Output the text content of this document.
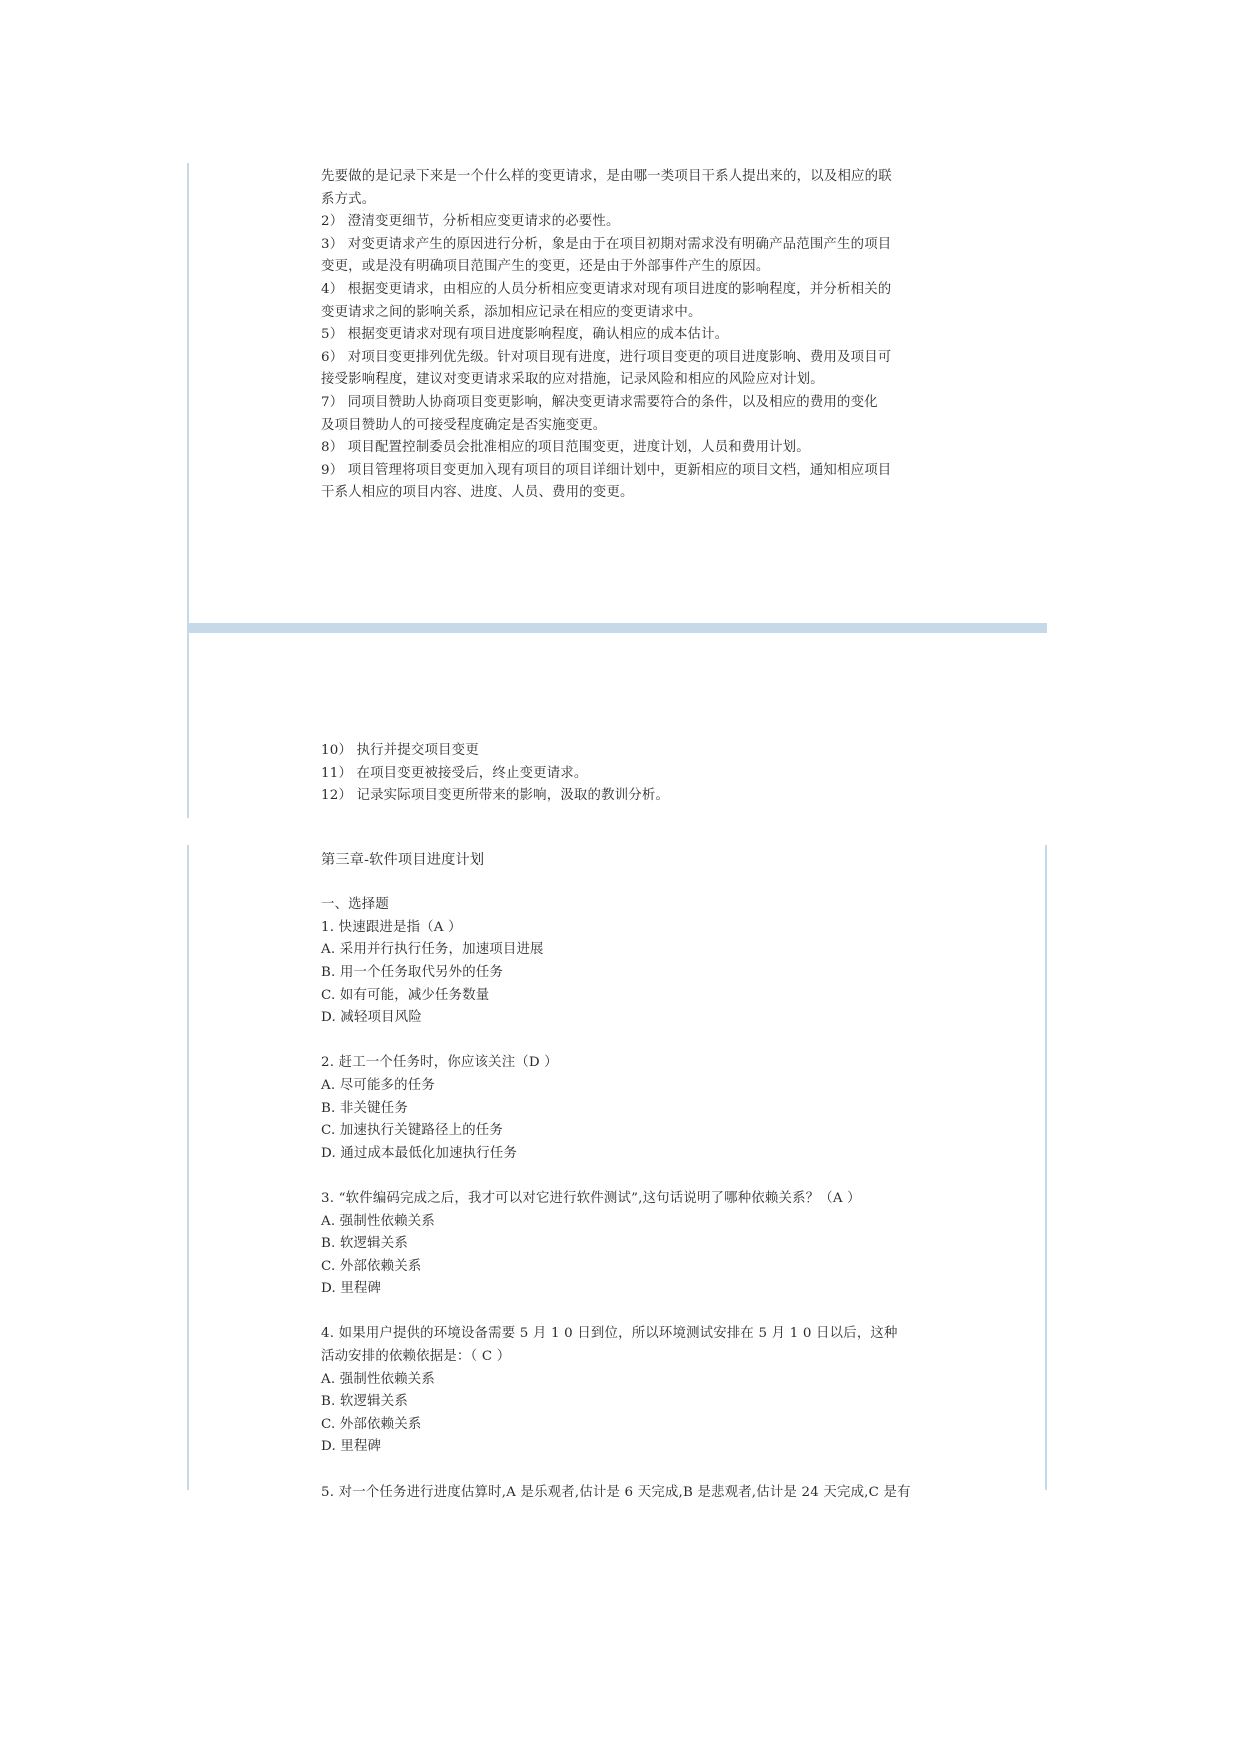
先要做的是记录下来是一个什么样的变更请求，是由哪一类项目干系人提出来的，以及相应的联
系方式。
2） 澄清变更细节，分析相应变更请求的必要性。
3） 对变更请求产生的原因进行分析，象是由于在项目初期对需求没有明确产品范围产生的项目
变更，或是没有明确项目范围产生的变更，还是由于外部事件产生的原因。
4） 根据变更请求，由相应的人员分析相应变更请求对现有项目进度的影响程度，并分析相关的
变更请求之间的影响关系，添加相应记录在相应的变更请求中。
5） 根据变更请求对现有项目进度影响程度，确认相应的成本估计。
6） 对项目变更排列优先级。针对项目现有进度，进行项目变更的项目进度影响、费用及项目可
接受影响程度，建议对变更请求采取的应对措施，记录风险和相应的风险应对计划。
7） 同项目赞助人协商项目变更影响，解决变更请求需要符合的条件，以及相应的费用的变化
及项目赞助人的可接受程度确定是否实施变更。
8） 项目配置控制委员会批准相应的项目范围变更，进度计划，人员和费用计划。
9） 项目管理将项目变更加入现有项目的项目详细计划中，更新相应的项目文档，通知相应项目
干系人相应的项目内容、进度、人员、费用的变更。
10） 执行并提交项目变更
11） 在项目变更被接受后，终止变更请求。
12） 记录实际项目变更所带来的影响，汲取的教训分析。
第三章-软件项目进度计划
一、选择题
1. 快速跟进是指（A ）
A. 采用并行执行任务，加速项目进展
B. 用一个任务取代另外的任务
C. 如有可能，减少任务数量
D. 减轻项目风险
2. 赶工一个任务时，你应该关注（D ）
A. 尽可能多的任务
B. 非关键任务
C. 加速执行关键路径上的任务
D. 通过成本最低化加速执行任务
3. “软件编码完成之后，我才可以对它进行软件测试”,这句话说明了哪种依赖关系？（A ）
A. 强制性依赖关系
B. 软逻辑关系
C. 外部依赖关系
D. 里程碑
4. 如果用户提供的环境设备需要 5 月 1 0 日到位，所以环境测试安排在 5 月 1 0 日以后，这种
活动安排的依赖依据是：（ C ）
A. 强制性依赖关系
B. 软逻辑关系
C. 外部依赖关系
D. 里程碑
5. 对一个任务进行进度估算时,A 是乐观者,估计是 6 天完成,B 是悲观者,估计是 24 天完成,C 是有
